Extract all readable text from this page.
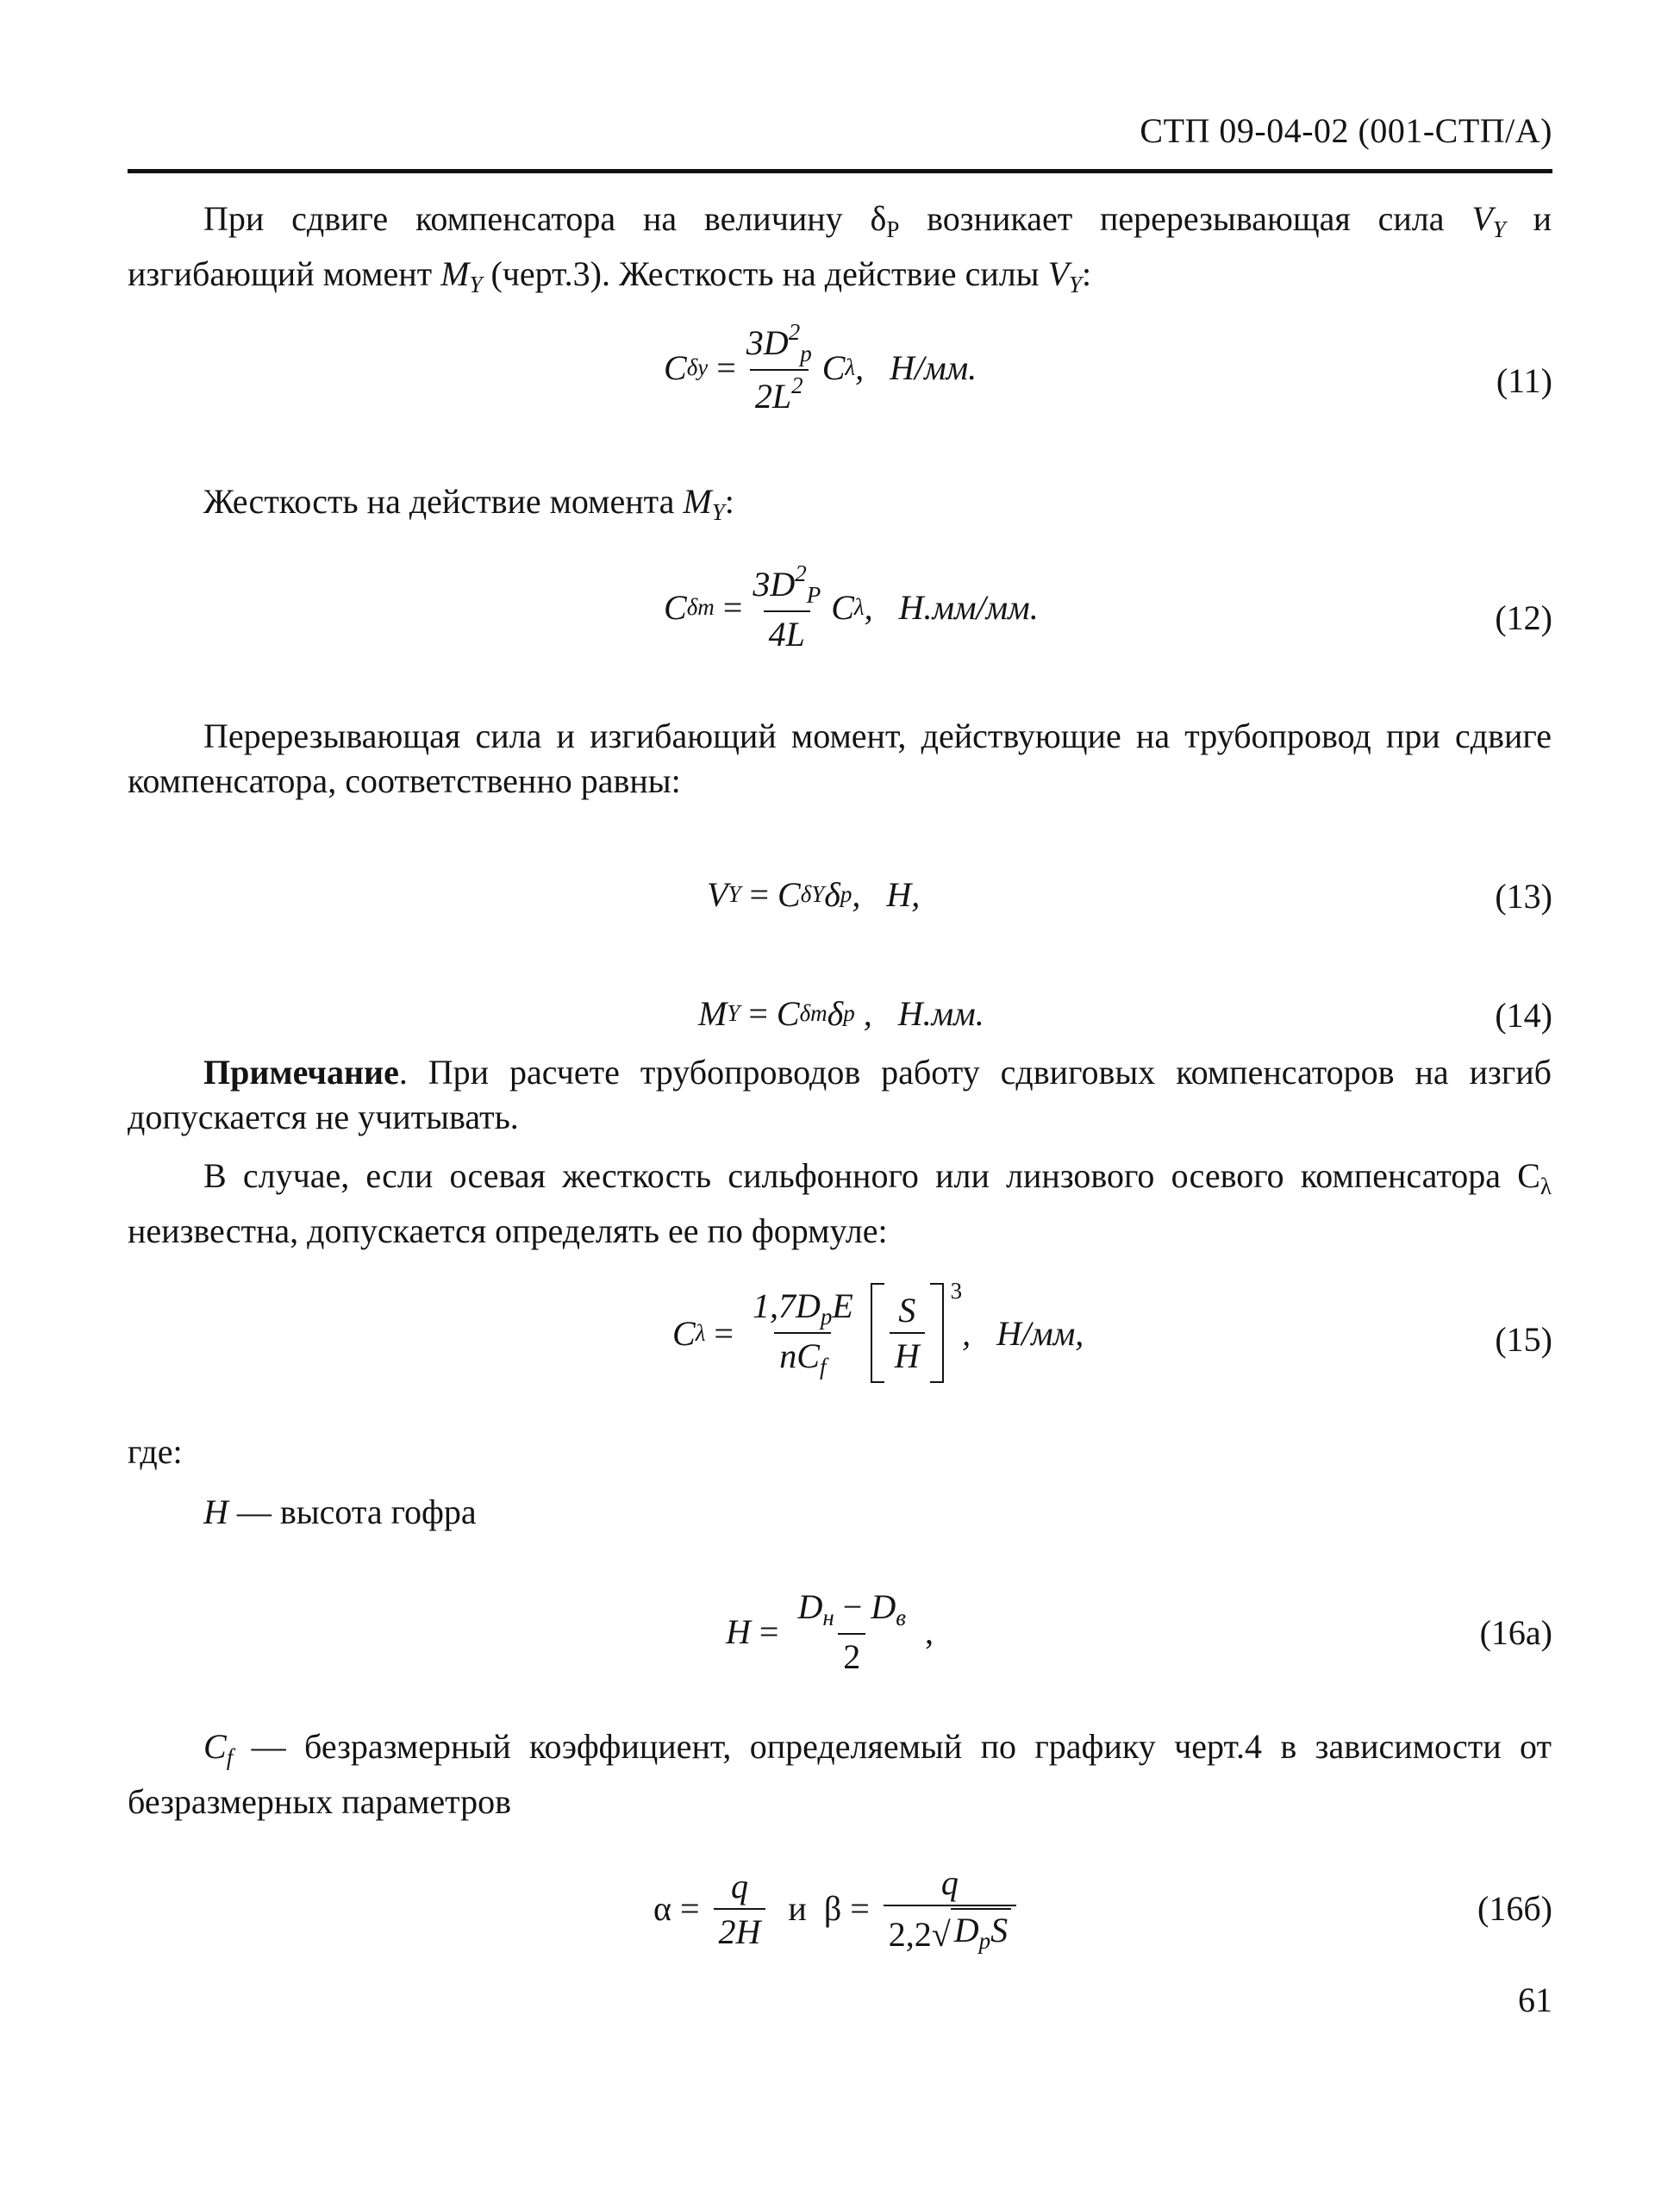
СТП 09-04-02 (001-СТП/А)
При сдвиге компенсатора на величину $\delta_P$ возникает перерезывающая сила $V_Y$ и изгибающий момент $M_Y$ (черт.3). Жесткость на действие силы $V_Y$:
C $\delta y = \frac{3D^2_p}{2L^2}$ C λ ,   Н/мм.	(11)
Жесткость на действие момента $M_Y$:
C $\delta m = \frac{3D^2_P}{4L}$ C λ ,   Н.мм/мм.	(12)
Перерезывающая сила и изгибающий момент, действующие на трубопровод при сдвиге компенсатора, соответственно равны:
V Y = C δY δ p ,   H,	(13)
M Y = C δm δ p ,   Н.мм.	(14)
Примечание. При расчете трубопроводов работу сдвиговых компенсаторов на изгиб допускается не учитывать.
В случае, если осевая жесткость сильфонного или линзового осевого компенсатора $С_\lambda$ неизвестна, допускается определять ее по формуле:
C $\lambda = \frac{1,7D_pE}{nC_f} \frac{S}{H} 3$
,   Н/мм,	(15)
где:
H — высота гофра
$H = \frac{D_н - D_в}{2}$ ,	(16а)
$C_f$ — безразмерный коэффициент, определяемый по графику черт.4 в зависимости от безразмерных параметров
$\alpha = \frac{q}{2H}$ и $\beta = \frac{q}{2,2 √ D_pS}$	(16б)
61
